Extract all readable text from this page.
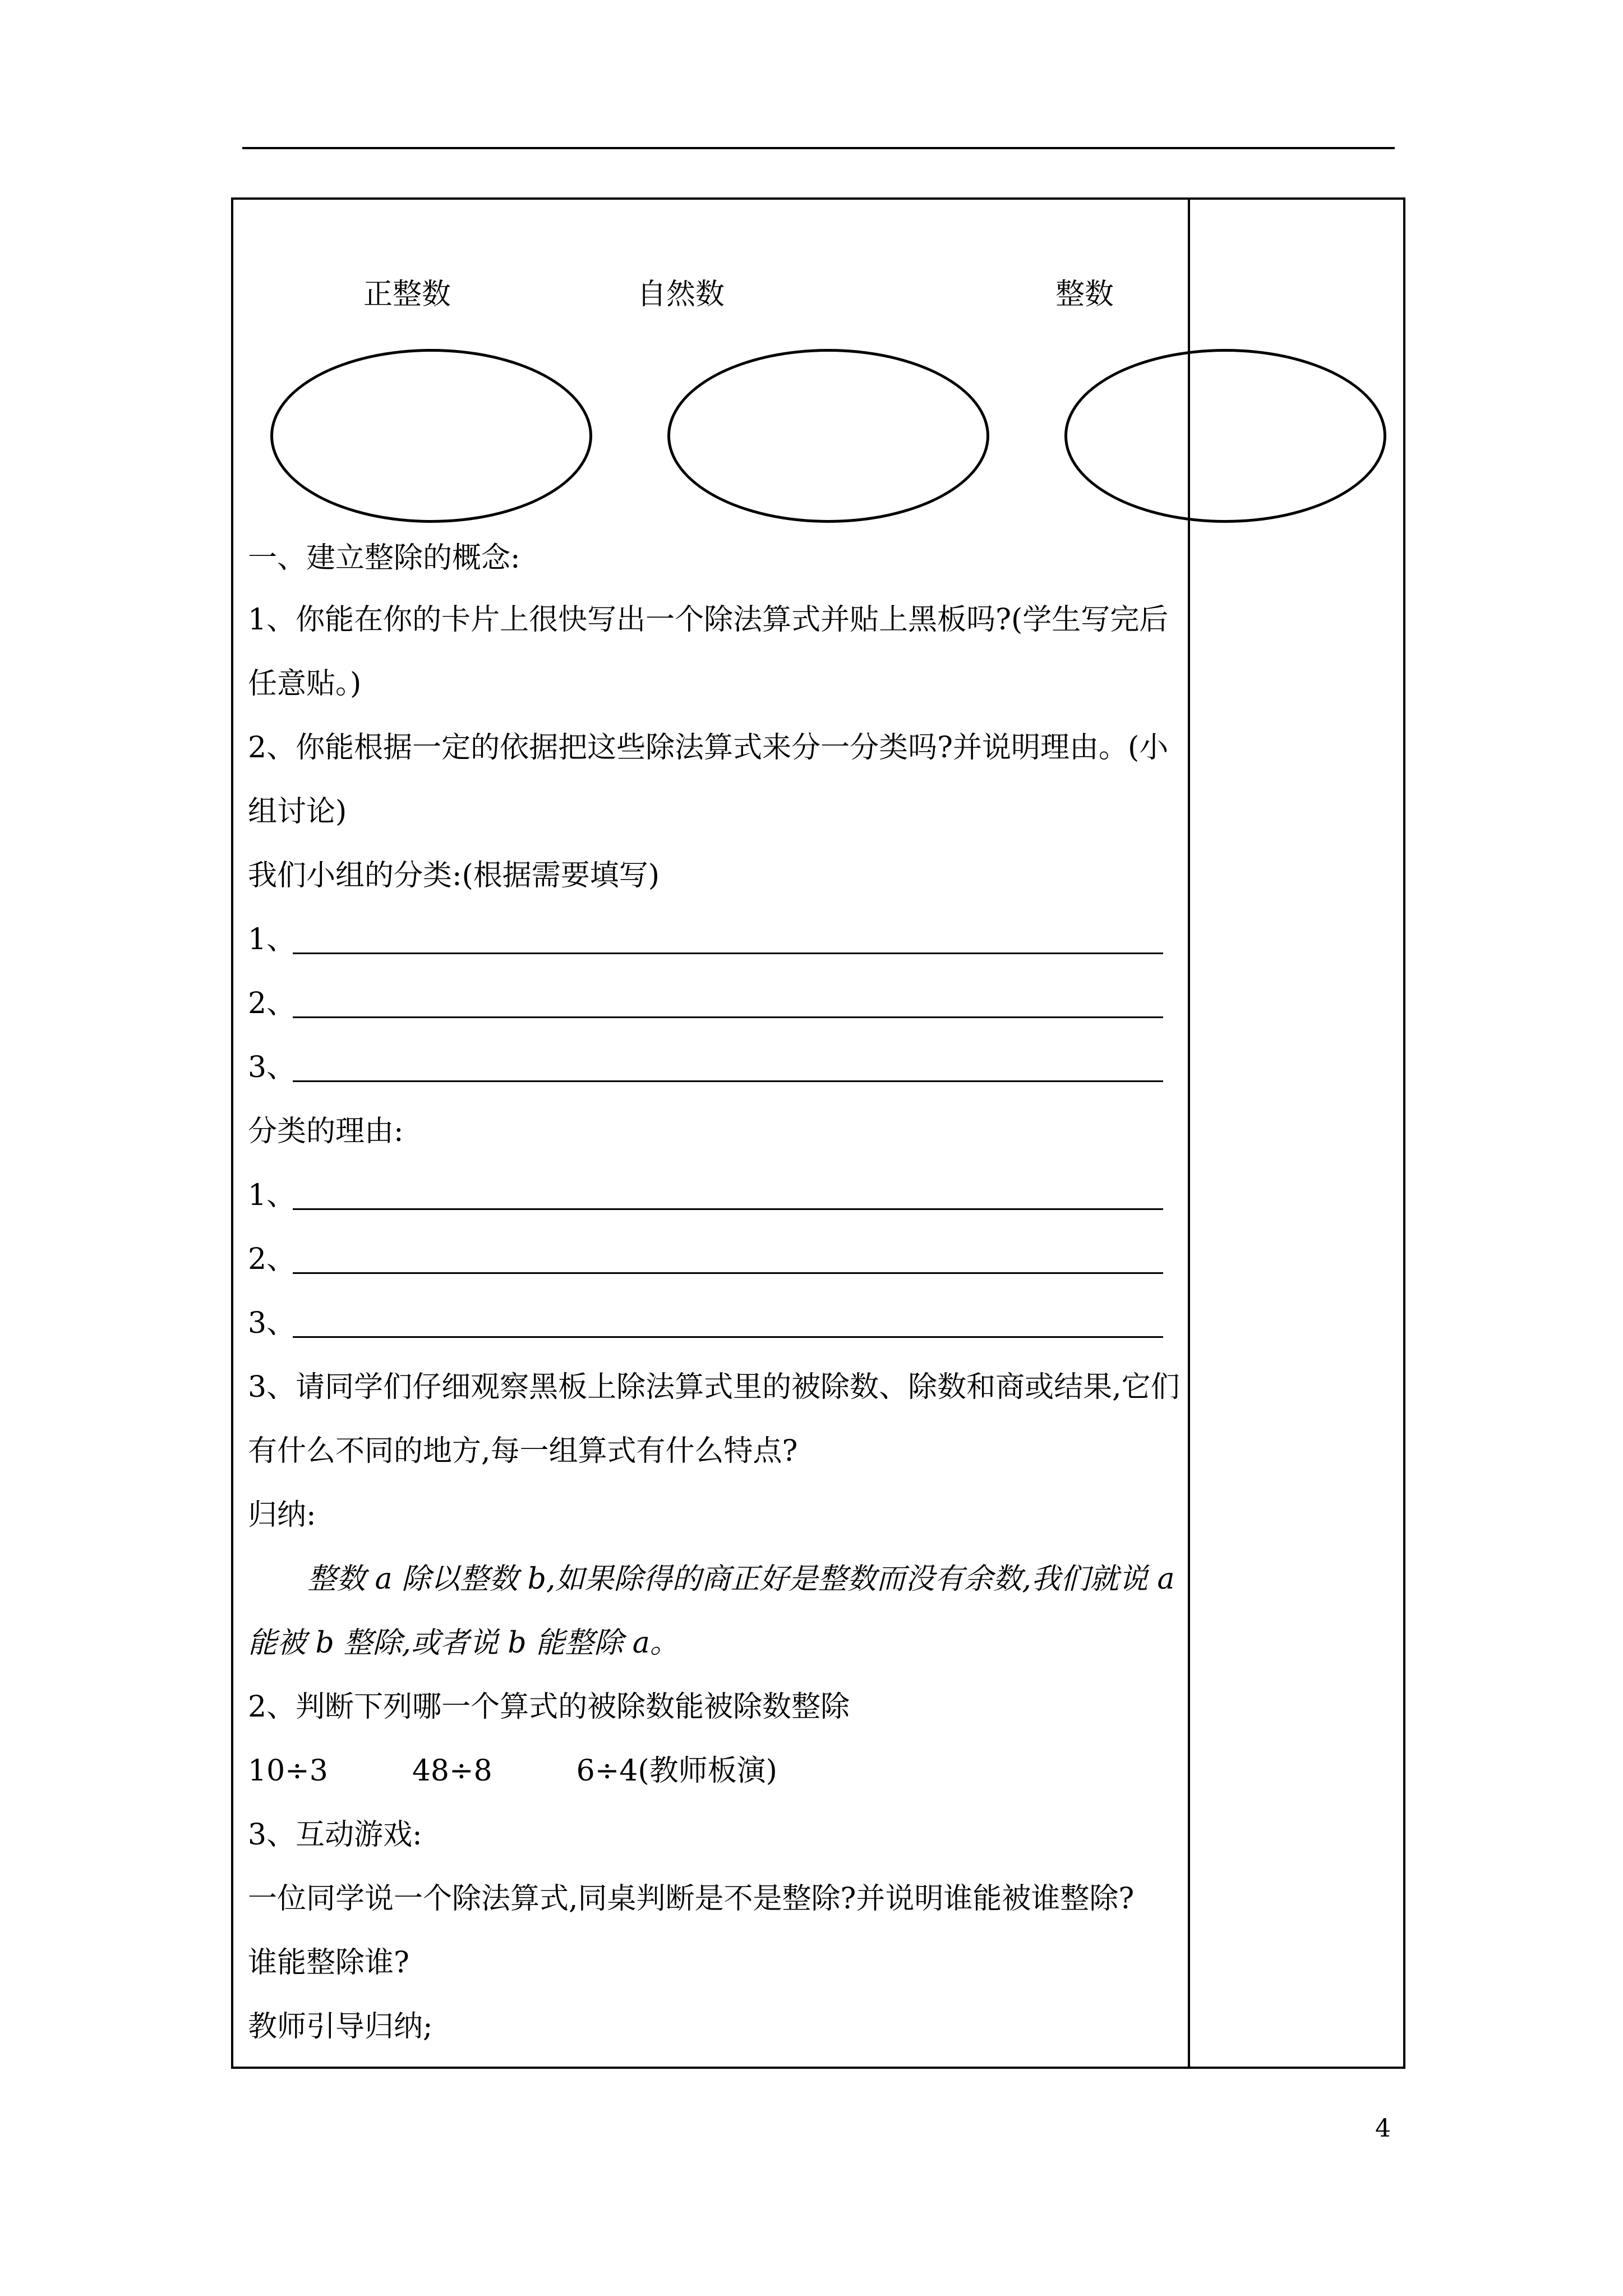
正整数	自然数	整数
一、建立整除的概念:
1、你能在你的卡片上很快写出一个除法算式并贴上黑板吗?(学生写完后
任意贴。)
2、你能根据一定的依据把这些除法算式来分一分类吗?并说明理由。(小
组讨论)
我们小组的分类:(根据需要填写)
1、
2、
3、
分类的理由:
1、
2、
3、
3、请同学们仔细观察黑板上除法算式里的被除数、除数和商或结果,它们
有什么不同的地方,每一组算式有什么特点?
归纳:
整数 a 除以整数 b,如果除得的商正好是整数而没有余数,我们就说 a
能被 b 整除,或者说 b 能整除 a。
2、判断下列哪一个算式的被除数能被除数整除
10÷3	48÷8	6÷4(教师板演)
3、互动游戏:
一位同学说一个除法算式,同桌判断是不是整除?并说明谁能被谁整除?
谁能整除谁?
教师引导归纳;
4
